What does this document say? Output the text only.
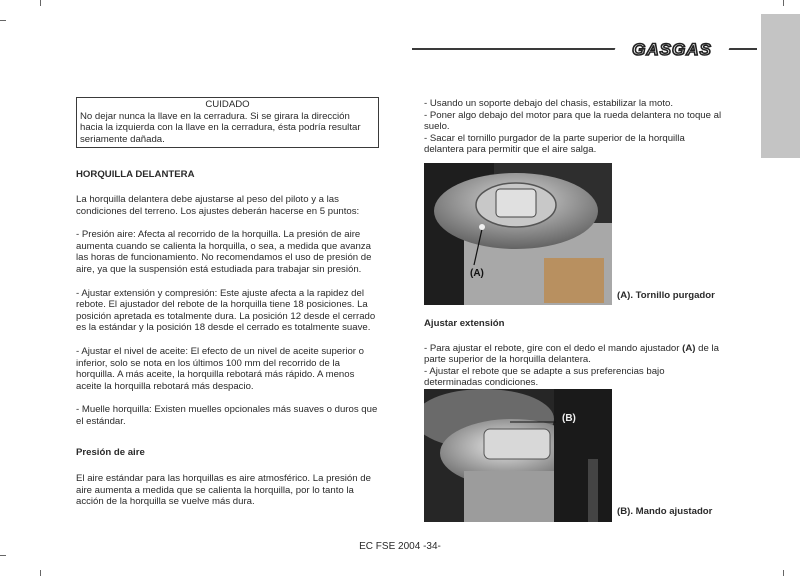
GASGAS
CUIDADO
No dejar nunca la llave en la cerradura. Si se girara la dirección hacia la izquierda con la llave en la cerradura, ésta podría resultar seriamente dañada.

HORQUILLA DELANTERA

La horquilla delantera debe ajustarse al peso del piloto y a las condiciones del terreno. Los ajustes deberán hacerse en 5 puntos:

- Presión aire: Afecta al recorrido de la horquilla. La presión de aire aumenta cuando se calienta la horquilla, o sea, a medida que avanza las horas de funcionamiento. No recomendamos el uso de presión de aire, ya que la suspensión está estudiada para trabajar sin presión.

- Ajustar extensión y compresión: Este ajuste afecta a la rapidez del rebote. El ajustador del rebote de la horquilla tiene 18 posiciones. La posición apretada es totalmente dura. La posición 12 desde el cerrado es la estándar y la posición 18 desde el cerrado es totalmente suave.

- Ajustar el nivel de aceite: El efecto de un nivel de aceite superior o inferior, solo se nota en los últimos 100 mm del recorrido de la horquilla. A más aceite, la horquilla rebotará más rápido. A menos aceite la horquilla rebotará más despacio.

- Muelle horquilla: Existen muelles opcionales más suaves o duros que el estándar.

Presión de aire

El aire estándar para las horquillas es aire atmosférico. La presión de aire aumenta a medida que se calienta la horquilla, por lo tanto la acción de la horquilla se vuelve más dura.

- Usando un soporte debajo del chasis, estabilizar la moto.

- Poner algo debajo del motor para que la rueda delantera no toque al suelo.

- Sacar el tornillo purgador de la parte superior de la horquilla delantera para permitir que el aire salga.

(A)
(A). Tornillo purgador

Ajustar extensión

- Para ajustar el rebote, gire con el dedo el mando ajustador (A) de la parte superior de la horquilla delantera.

- Ajustar el rebote que se adapte a sus preferencias bajo determinadas condiciones.

(B)
(B). Mando ajustador
EC FSE 2004 -34-
